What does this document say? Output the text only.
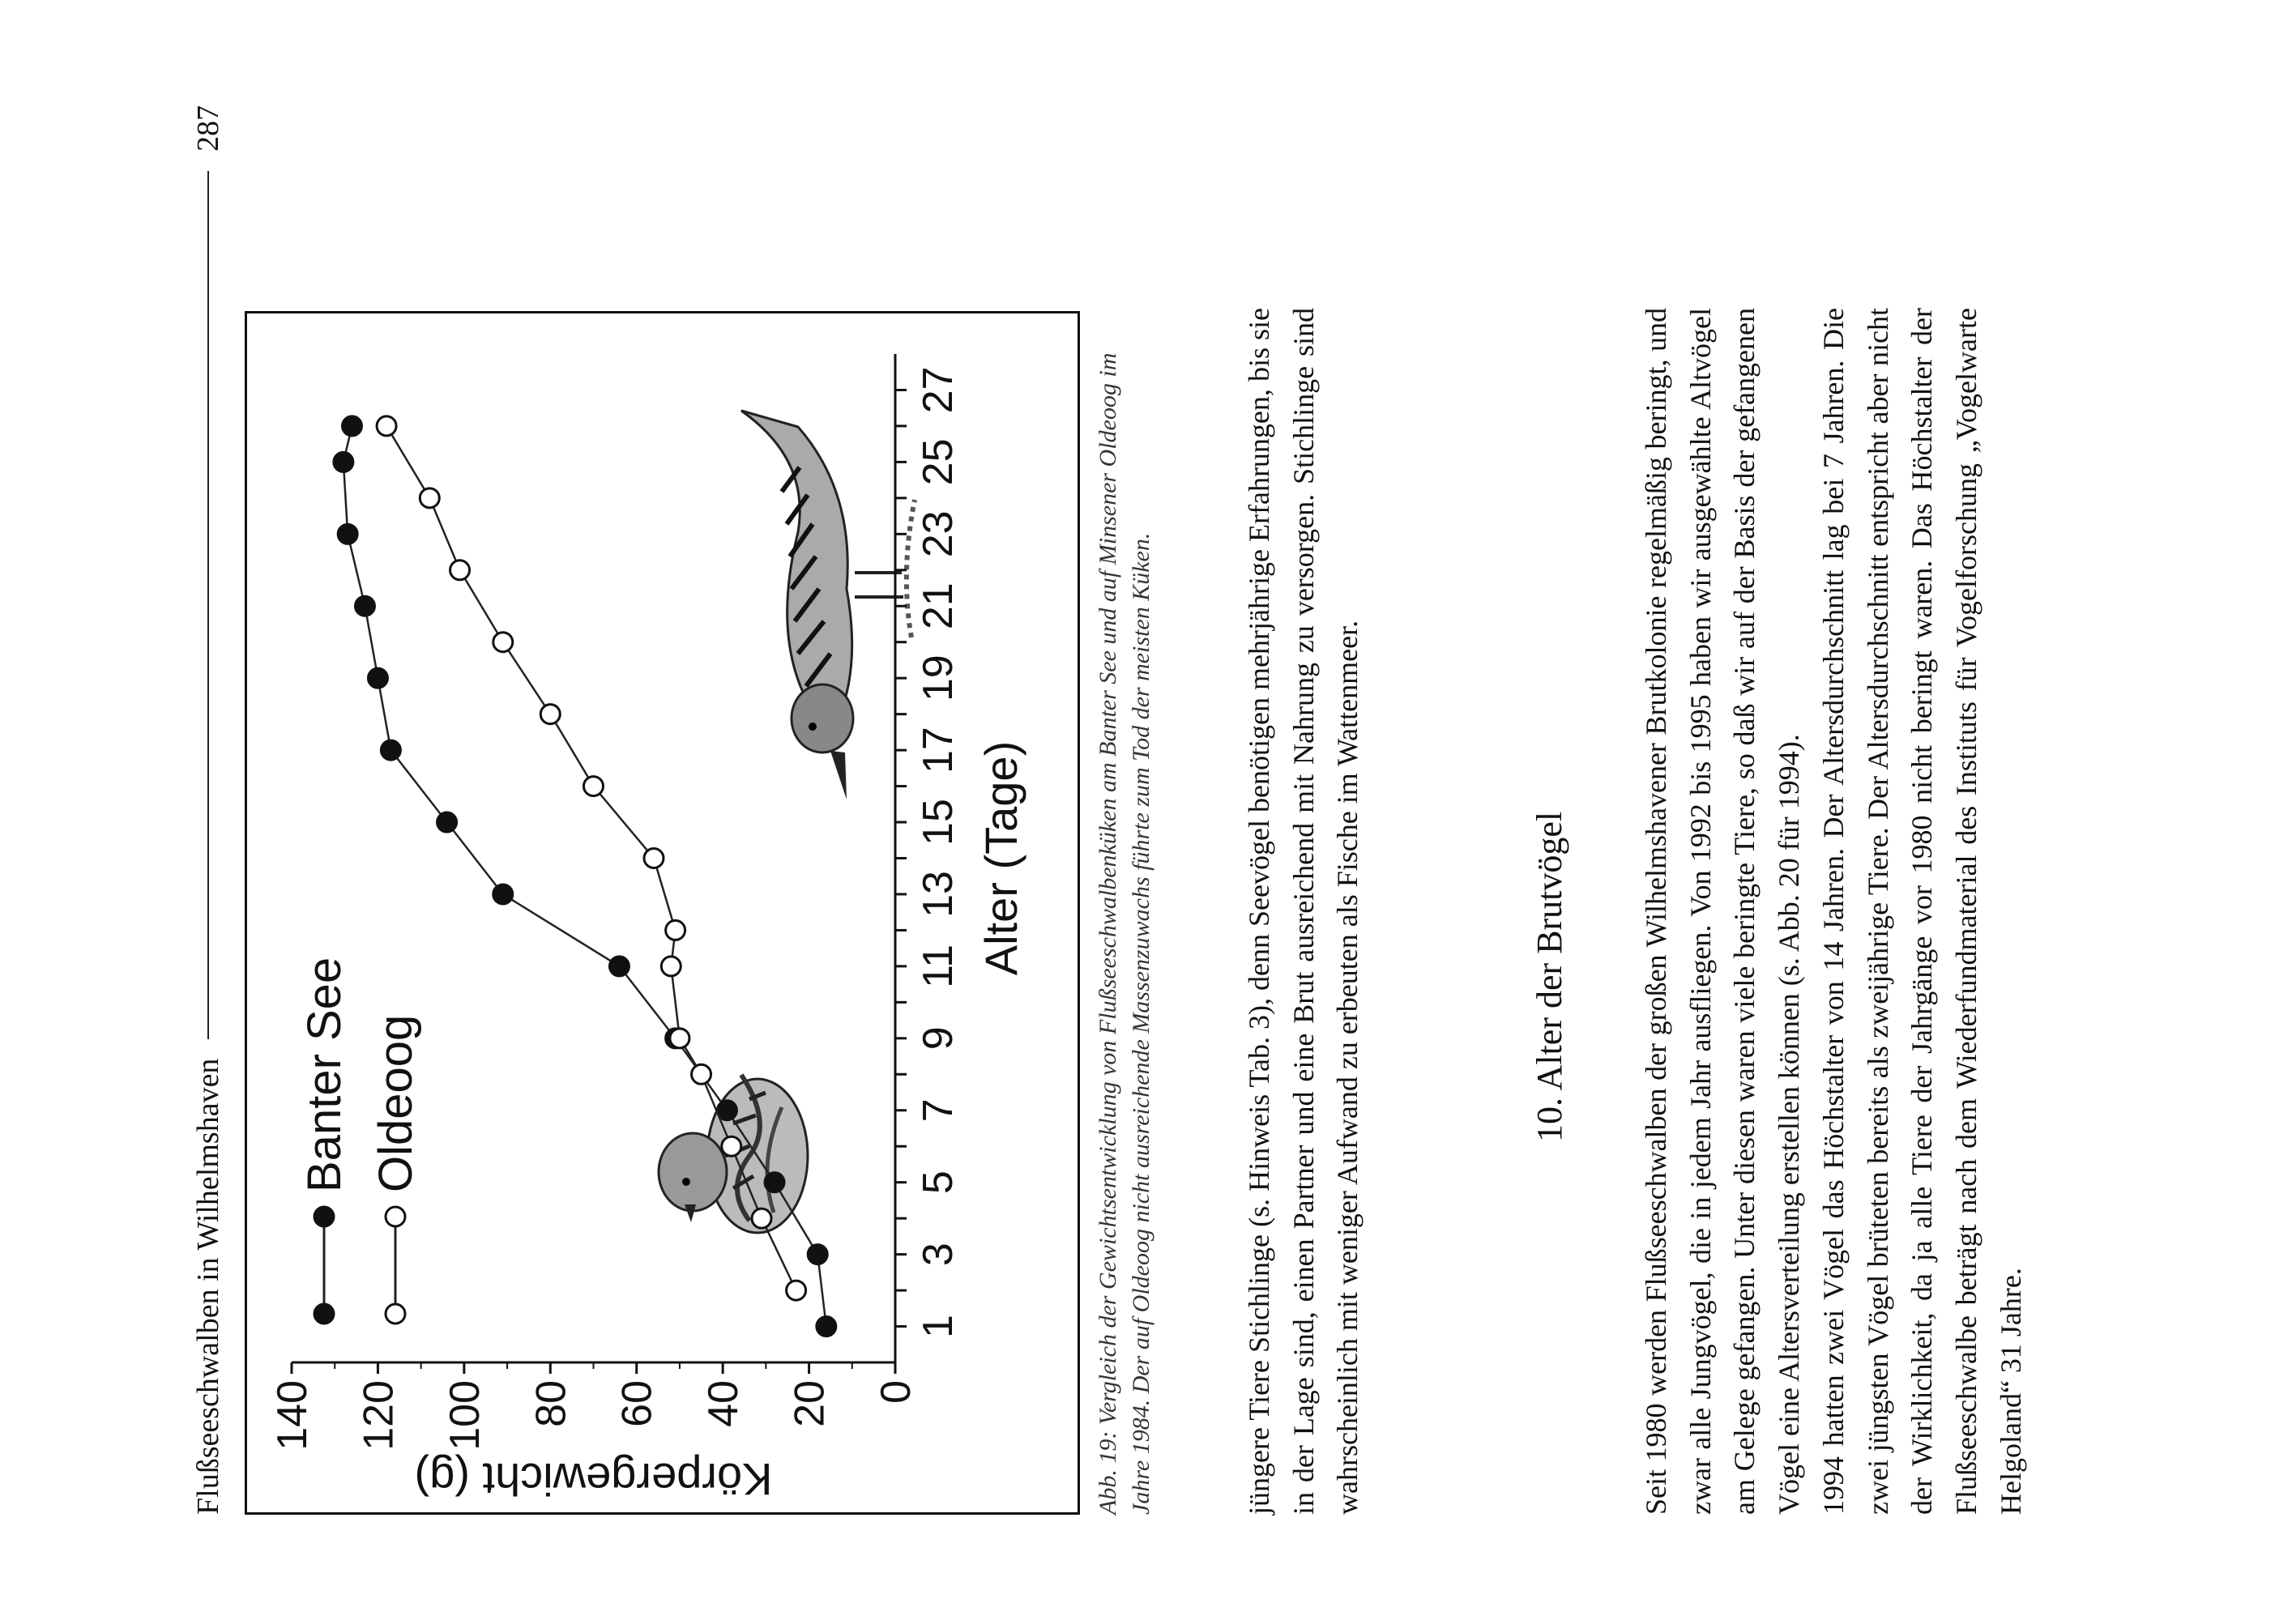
Flußseeschwalben in Wilhelmshaven
287
1
3
5
7
9
11
13
15
17
19
21
23
25
27
0
20
40
60
80
100
120
140
Alter (Tage)
Körpergewicht (g)
Banter See Oldeoog	Abb. 19: Vergleich der Gewichtsentwicklung von Flußseeschwalbenküken am Banter See und auf Minsener Oldeoog im Jahre 1984. Der auf Oldeoog nicht ausreichende Massenzuwachs führte zum Tod der meisten Küken.	jüngere Tiere Stichlinge (s. Hinweis Tab. 3), denn Seevögel benötigen mehrjährige Erfahrungen, bis sie in der Lage sind, einen Partner und eine Brut ausreichend mit Nahrung zu versorgen. Stichlinge sind wahrscheinlich mit weniger Aufwand zu erbeuten als Fische im Wattenmeer.	10. Alter der Brutvögel Seit 1980 werden Flußseeschwalben der großen Wilhelmshavener Brutkolonie regelmäßig beringt, und zwar alle Jungvögel, die in jedem Jahr ausfliegen. Von 1992 bis 1995 haben wir ausgewählte Altvögel am Gelege gefangen. Unter diesen waren viele beringte Tiere, so daß wir auf der Basis der gefangenen Vögel eine Altersverteilung erstellen können (s. Abb. 20 für 1994). 1994 hatten zwei Vögel das Höchstalter von 14 Jahren. Der Altersdurchschnitt lag bei 7 Jahren. Die zwei jüngsten Vögel brüteten bereits als zweijährige Tiere. Der Altersdurchschnitt entspricht aber nicht der Wirklichkeit, da ja alle Tiere der Jahrgänge vor 1980 nicht beringt waren. Das Höchstalter der Flußseeschwalbe beträgt nach dem Wiederfundmaterial des Instituts für Vogelforschung „Vogelwarte Helgoland“ 31 Jahre.
